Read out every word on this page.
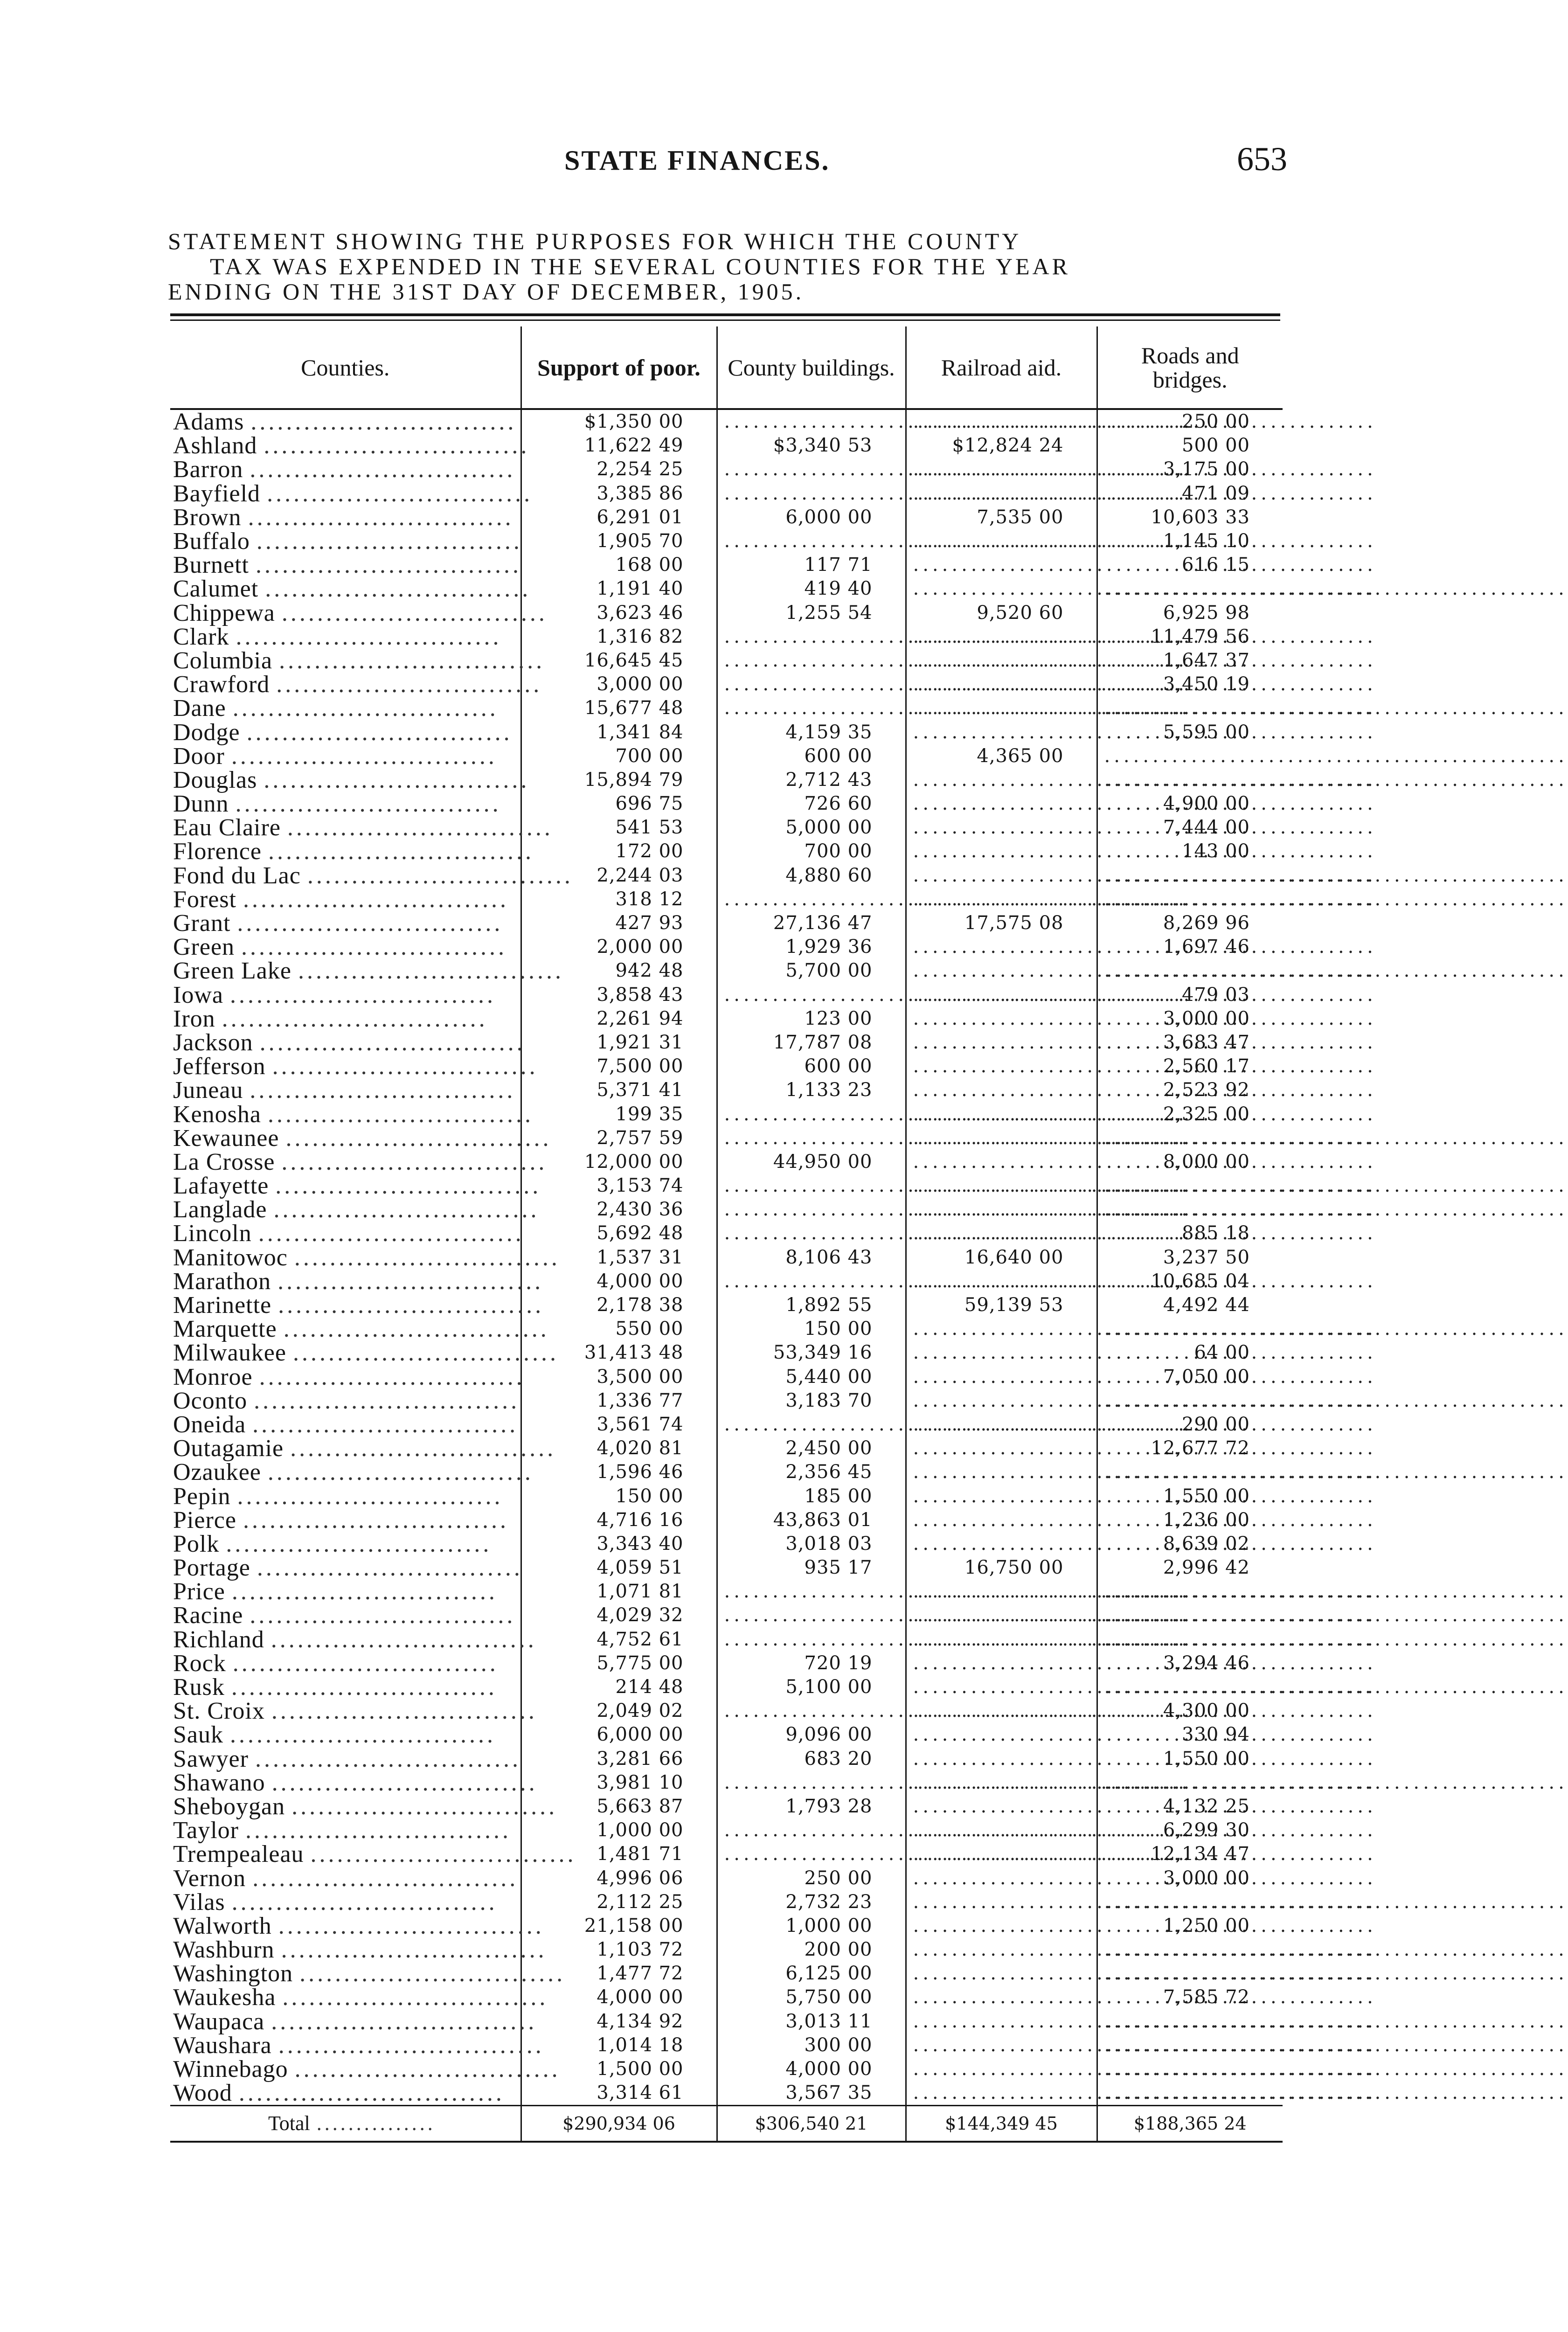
STATE FINANCES.	653
STATEMENT SHOWING THE PURPOSES FOR WHICH THE COUNTY
TAX WAS EXPENDED IN THE SEVERAL COUNTIES FOR THE YEAR
ENDING ON THE 31ST DAY OF DECEMBER, 1905.
Counties.	Support of poor.	County buildings.	Railroad aid.	Roads and bridges.
Adams ..............................	$1,350 00	.....	.....	250 00
Ashland ..............................	11,622 49	$3,340 53	$12,824 24	500 00
Barron ..............................	2,254 25	.....	.....	3,175 00
Bayfield ..............................	3,385 86	.....	.....	471 09
Brown ..............................	6,291 01	6,000 00	7,535 00	10,603 33
Buffalo ..............................	1,905 70	.....	.....	1,145 10
Burnett ..............................	168 00	117 71	.....	616 15
Calumet ..............................	1,191 40	419 40	.....	.....
Chippewa ..............................	3,623 46	1,255 54	9,520 60	6,925 98
Clark ..............................	1,316 82	.....	.....	11,479 56
Columbia ..............................	16,645 45	.....	.....	1,647 37
Crawford ..............................	3,000 00	.....	.....	3,450 19
Dane ..............................	15,677 48	.....	.....	.....
Dodge ..............................	1,341 84	4,159 35	.....	5,595 00
Door ..............................	700 00	600 00	4,365 00	.....
Douglas ..............................	15,894 79	2,712 43	.....	.....
Dunn ..............................	696 75	726 60	.....	4,900 00
Eau Claire ..............................	541 53	5,000 00	.....	7,444 00
Florence ..............................	172 00	700 00	.....	143 00
Fond du Lac ..............................	2,244 03	4,880 60	.....	.....
Forest ..............................	318 12	.....	.....	.....
Grant ..............................	427 93	27,136 47	17,575 08	8,269 96
Green ..............................	2,000 00	1,929 36	.....	1,697 46
Green Lake ..............................	942 48	5,700 00	.....	.....
Iowa ..............................	3,858 43	.....	.....	479 03
Iron ..............................	2,261 94	123 00	.....	3,000 00
Jackson ..............................	1,921 31	17,787 08	.....	3,683 47
Jefferson ..............................	7,500 00	600 00	.....	2,560 17
Juneau ..............................	5,371 41	1,133 23	.....	2,523 92
Kenosha ..............................	199 35	.....	.....	2,325 00
Kewaunee ..............................	2,757 59	.....	.....	.....
La Crosse ..............................	12,000 00	44,950 00	.....	8,000 00
Lafayette ..............................	3,153 74	.....	.....	.....
Langlade ..............................	2,430 36	.....	.....	.....
Lincoln ..............................	5,692 48	.....	.....	885 18
Manitowoc ..............................	1,537 31	8,106 43	16,640 00	3,237 50
Marathon ..............................	4,000 00	.....	.....	10,685 04
Marinette ..............................	2,178 38	1,892 55	59,139 53	4,492 44
Marquette ..............................	550 00	150 00	.....	.....
Milwaukee ..............................	31,413 48	53,349 16	.....	64 00
Monroe ..............................	3,500 00	5,440 00	.....	7,050 00
Oconto ..............................	1,336 77	3,183 70	.....	.....
Oneida ..............................	3,561 74	.....	.....	290 00
Outagamie ..............................	4,020 81	2,450 00	.....	12,677 72
Ozaukee ..............................	1,596 46	2,356 45	.....	.....
Pepin ..............................	150 00	185 00	.....	1,550 00
Pierce ..............................	4,716 16	43,863 01	.....	1,236 00
Polk ..............................	3,343 40	3,018 03	.....	8,639 02
Portage ..............................	4,059 51	935 17	16,750 00	2,996 42
Price ..............................	1,071 81	.....	.....	.....
Racine ..............................	4,029 32	.....	.....	.....
Richland ..............................	4,752 61	.....	.....	.....
Rock ..............................	5,775 00	720 19	.....	3,294 46
Rusk ..............................	214 48	5,100 00	.....	.....
St. Croix ..............................	2,049 02	.....	.....	4,300 00
Sauk ..............................	6,000 00	9,096 00	.....	330 94
Sawyer ..............................	3,281 66	683 20	.....	1,550 00
Shawano ..............................	3,981 10	.....	.....	.....
Sheboygan ..............................	5,663 87	1,793 28	.....	4,132 25
Taylor ..............................	1,000 00	.....	.....	6,299 30
Trempealeau ..............................	1,481 71	.....	.....	12,134 47
Vernon ..............................	4,996 06	250 00	.....	3,000 00
Vilas ..............................	2,112 25	2,732 23	.....	.....
Walworth ..............................	21,158 00	1,000 00	.....	1,250 00
Washburn ..............................	1,103 72	200 00	.....	.....
Washington ..............................	1,477 72	6,125 00	.....	.....
Waukesha ..............................	4,000 00	5,750 00	.....	7,585 72
Waupaca ..............................	4,134 92	3,013 11	.....	.....
Waushara ..............................	1,014 18	300 00	.....	.....
Winnebago ..............................	1,500 00	4,000 00	.....	.....
Wood ..............................	3,314 61	3,567 35	.....	.....
Total ...............	$290,934 06	$306,540 21	$144,349 45	$188,365 24
